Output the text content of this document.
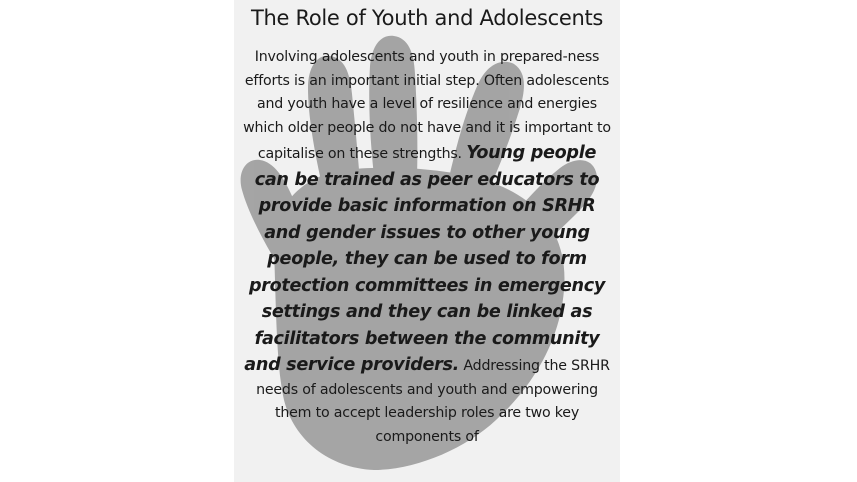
The Role of Youth and Adolescents

Involving adolescents and youth in prepared-ness efforts is an important initial step. Often adolescents and youth have a level of resilience and energies which older people do not have and it is important to capitalise on these strengths. Young people can be trained as peer educators to provide basic information on SRHR and gender issues to other young people, they can be used to form protection committees in emergency settings and they can be linked as facilitators between the community and service providers. Addressing the SRHR needs of adolescents and youth and empowering them to accept leadership roles are two key components of
